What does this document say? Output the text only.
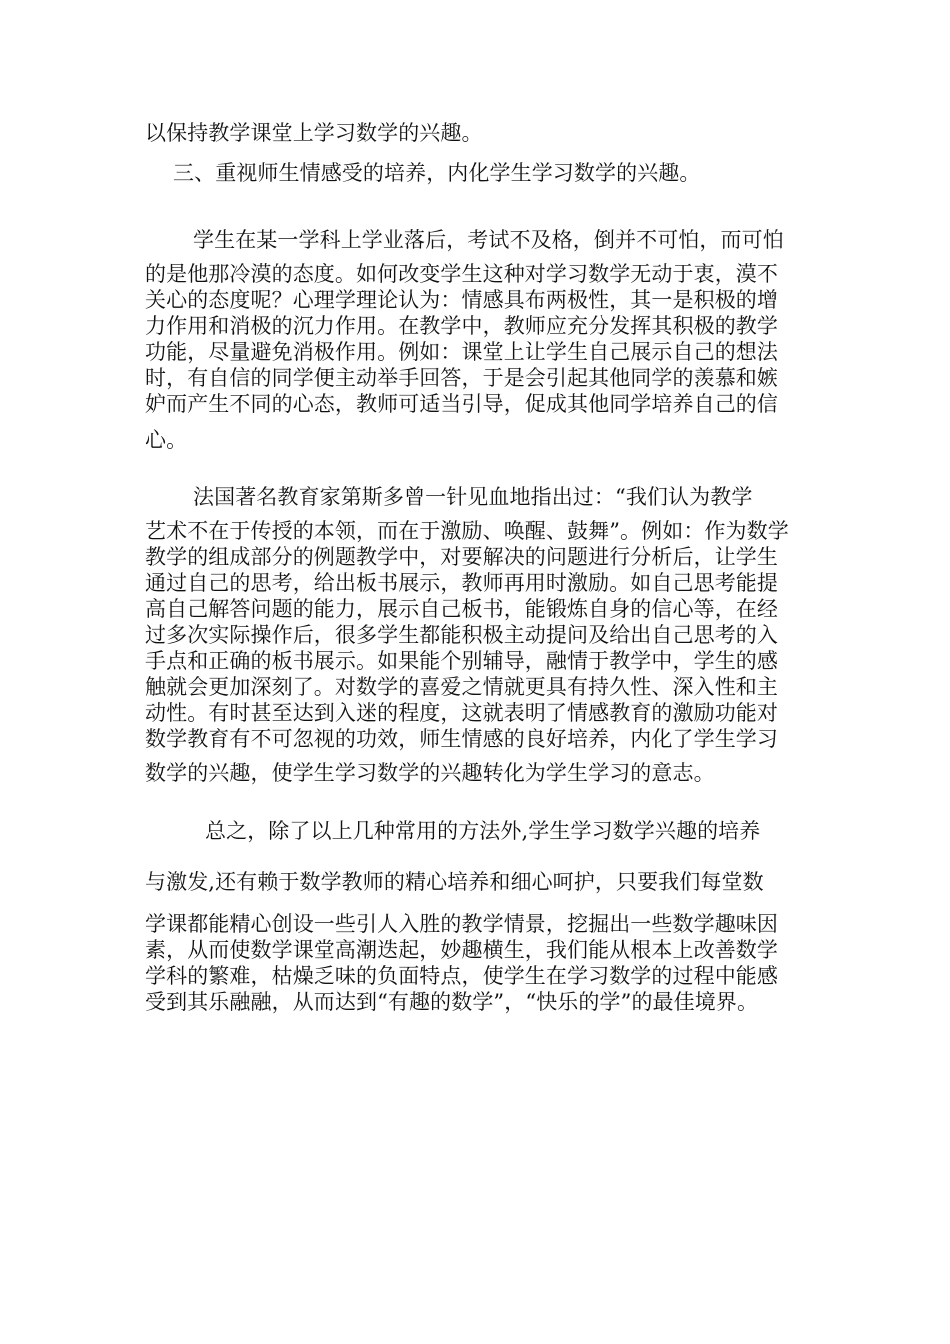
以保持教学课堂上学习数学的兴趣。
三、重视师生情感受的培养，内化学生学习数学的兴趣。
学生在某一学科上学业落后，考试不及格，倒并不可怕，而可怕
的是他那冷漠的态度。如何改变学生这种对学习数学无动于衷，漠不
关心的态度呢？心理学理论认为：情感具布两极性，其一是积极的增
力作用和消极的沉力作用。在教学中，教师应充分发挥其积极的教学
功能，尽量避免消极作用。例如：课堂上让学生自己展示自己的想法
时，有自信的同学便主动举手回答，于是会引起其他同学的羡慕和嫉
妒而产生不同的心态，教师可适当引导，促成其他同学培养自己的信
心。
法国著名教育家第斯多曾一针见血地指出过：“我们认为教学
艺术不在于传授的本领，而在于激励、唤醒、鼓舞”。例如：作为数学
教学的组成部分的例题教学中，对要解决的问题进行分析后，让学生
通过自己的思考，给出板书展示，教师再用时激励。如自己思考能提
高自己解答问题的能力，展示自己板书，能锻炼自身的信心等，在经
过多次实际操作后，很多学生都能积极主动提问及给出自己思考的入
手点和正确的板书展示。如果能个别辅导，融情于教学中，学生的感
触就会更加深刻了。对数学的喜爱之情就更具有持久性、深入性和主
动性。有时甚至达到入迷的程度，这就表明了情感教育的激励功能对
数学教育有不可忽视的功效，师生情感的良好培养，内化了学生学习
数学的兴趣，使学生学习数学的兴趣转化为学生学习的意志。
总之，除了以上几种常用的方法外,学生学习数学兴趣的培养
与激发,还有赖于数学教师的精心培养和细心呵护，只要我们每堂数
学课都能精心创设一些引人入胜的教学情景，挖掘出一些数学趣味因
素，从而使数学课堂高潮迭起，妙趣横生，我们能从根本上改善数学
学科的繁难，枯燥乏味的负面特点，使学生在学习数学的过程中能感
受到其乐融融，从而达到“有趣的数学”，“快乐的学”的最佳境界。
